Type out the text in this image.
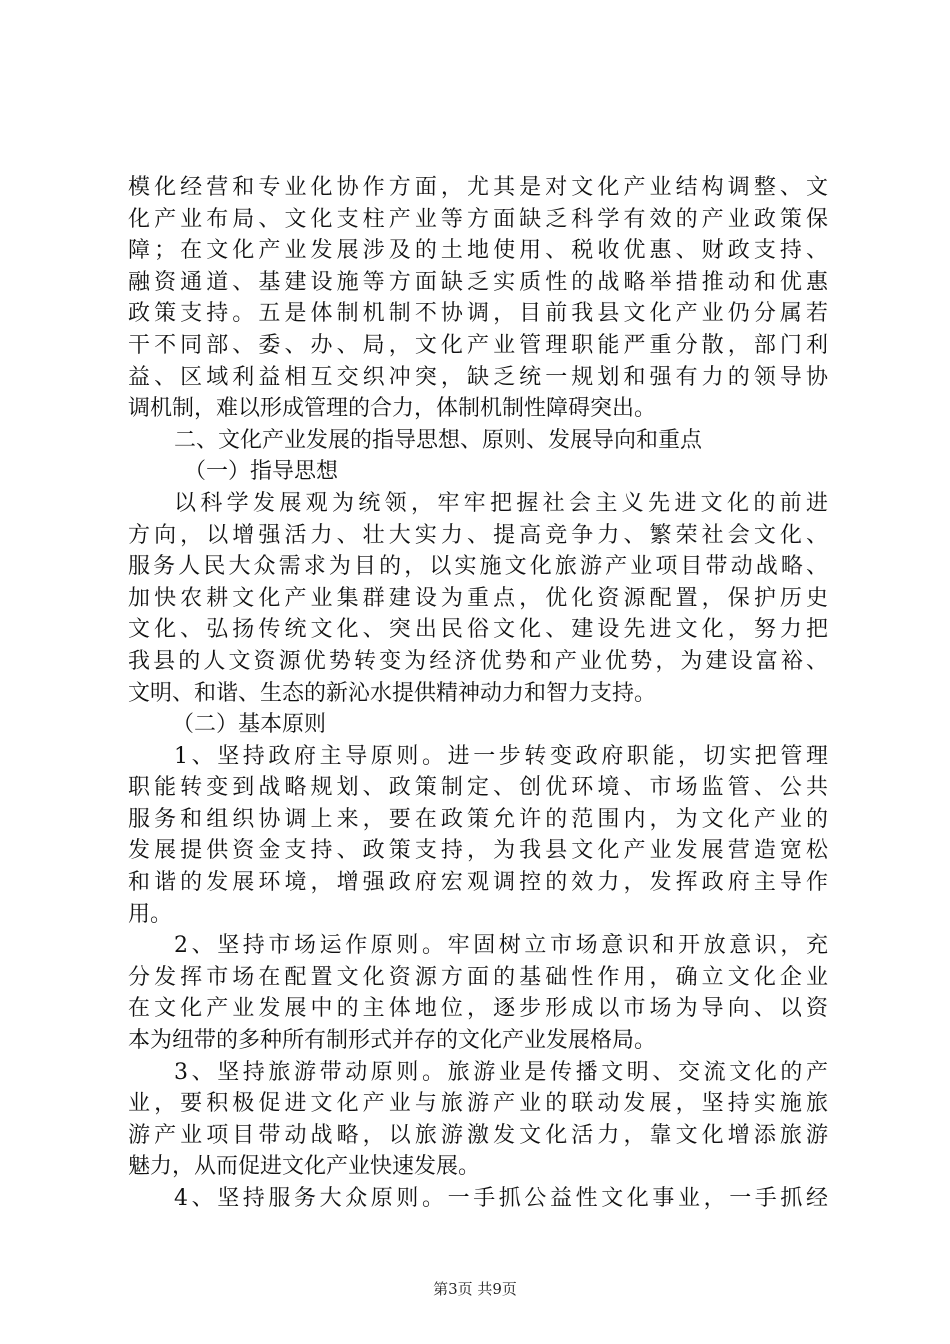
模化经营和专业化协作方面，尤其是对文化产业结构调整、文
化产业布局、文化支柱产业等方面缺乏科学有效的产业政策保
障；在文化产业发展涉及的土地使用、税收优惠、财政支持、
融资通道、基建设施等方面缺乏实质性的战略举措推动和优惠
政策支持。五是体制机制不协调，目前我县文化产业仍分属若
干不同部、委、办、局，文化产业管理职能严重分散，部门利
益、区域利益相互交织冲突，缺乏统一规划和强有力的领导协
调机制，难以形成管理的合力，体制机制性障碍突出。
二、文化产业发展的指导思想、原则、发展导向和重点
（一）指导思想
以科学发展观为统领，牢牢把握社会主义先进文化的前进
方向，以增强活力、壮大实力、提高竞争力、繁荣社会文化、
服务人民大众需求为目的，以实施文化旅游产业项目带动战略、
加快农耕文化产业集群建设为重点，优化资源配置，保护历史
文化、弘扬传统文化、突出民俗文化、建设先进文化，努力把
我县的人文资源优势转变为经济优势和产业优势，为建设富裕、
文明、和谐、生态的新沁水提供精神动力和智力支持。
（二）基本原则
1、坚持政府主导原则。进一步转变政府职能，切实把管理
职能转变到战略规划、政策制定、创优环境、市场监管、公共
服务和组织协调上来，要在政策允许的范围内，为文化产业的
发展提供资金支持、政策支持，为我县文化产业发展营造宽松
和谐的发展环境，增强政府宏观调控的效力，发挥政府主导作
用。
2、坚持市场运作原则。牢固树立市场意识和开放意识，充
分发挥市场在配置文化资源方面的基础性作用，确立文化企业
在文化产业发展中的主体地位，逐步形成以市场为导向、以资
本为纽带的多种所有制形式并存的文化产业发展格局。
3、坚持旅游带动原则。旅游业是传播文明、交流文化的产
业，要积极促进文化产业与旅游产业的联动发展，坚持实施旅
游产业项目带动战略，以旅游激发文化活力，靠文化增添旅游
魅力，从而促进文化产业快速发展。
4、坚持服务大众原则。一手抓公益性文化事业，一手抓经
第3页 共9页
